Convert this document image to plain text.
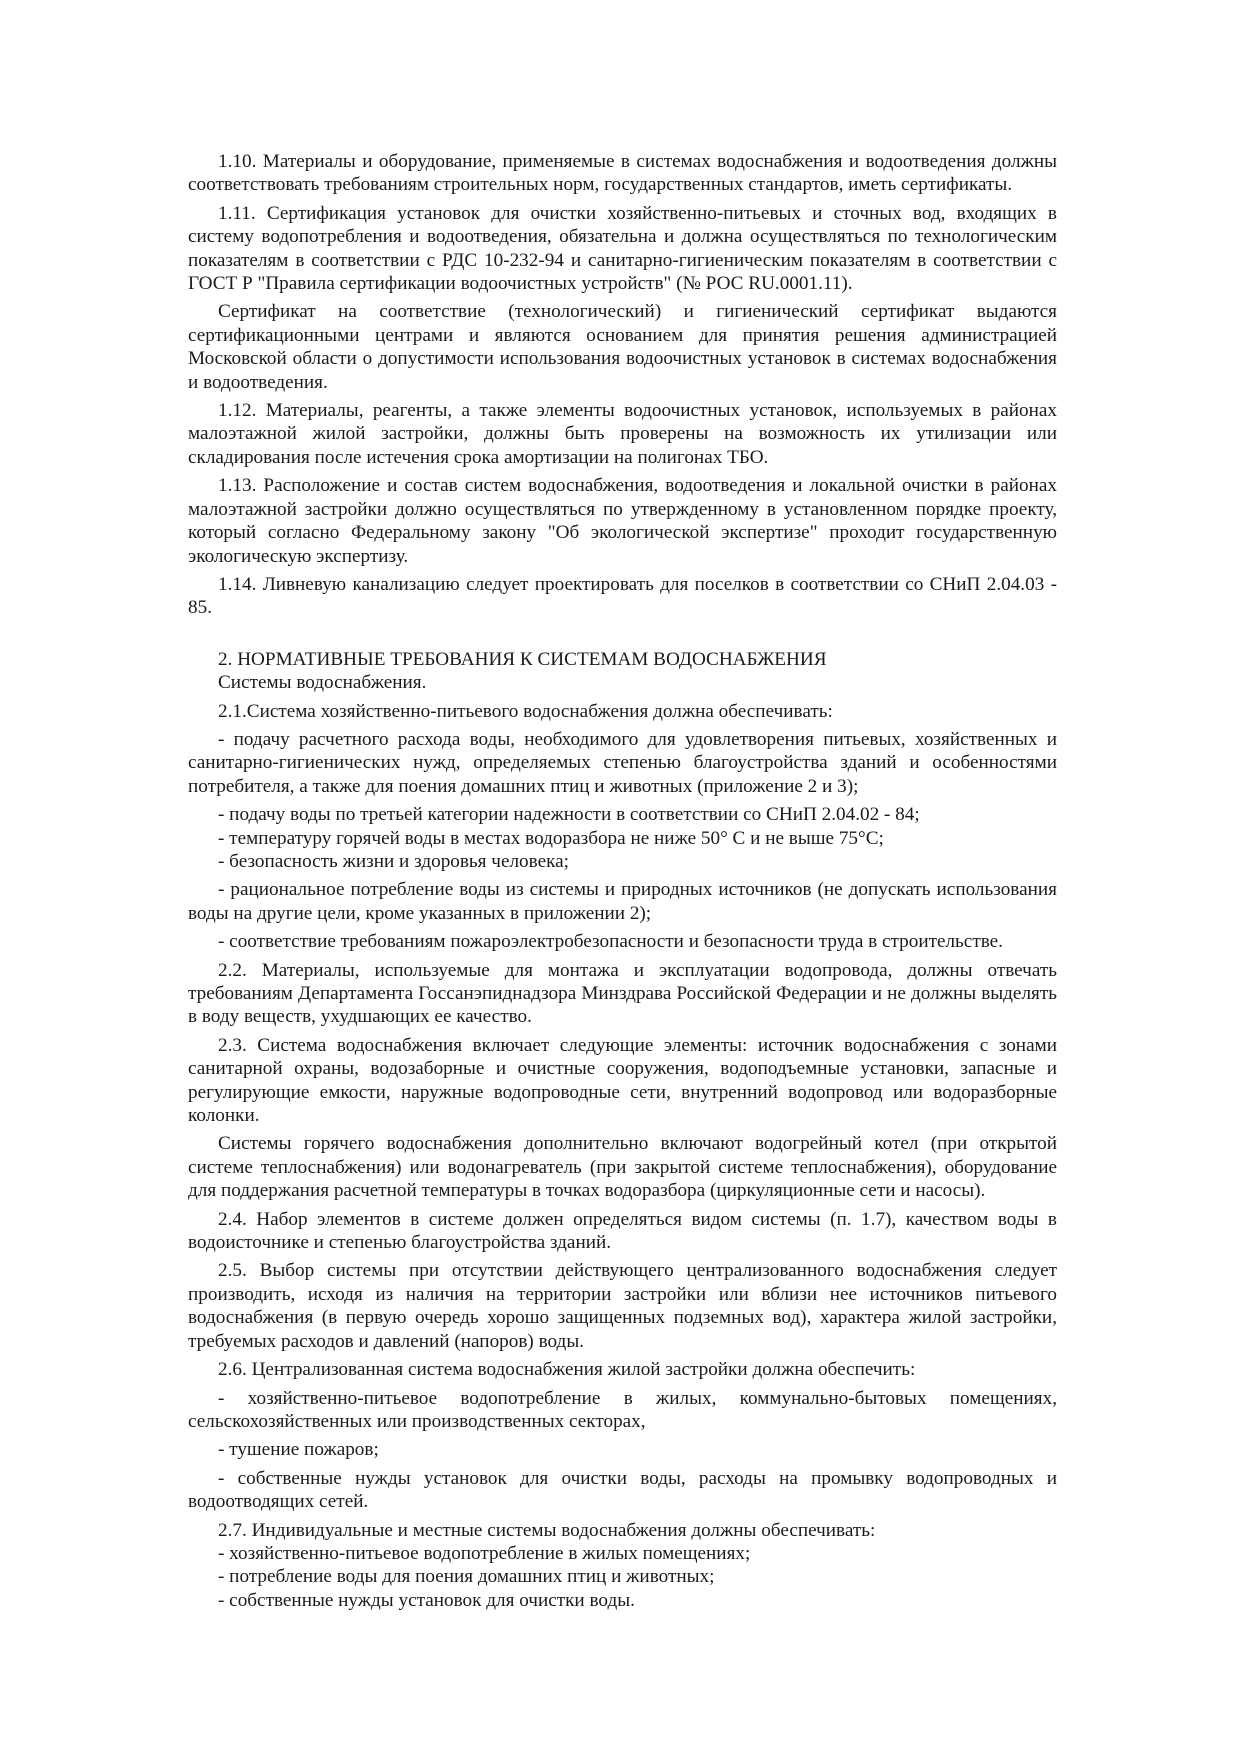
1.10. Материалы и оборудование, применяемые в системах водоснабжения и водоотведения должны соответствовать требованиям строительных норм, государственных стандартов, иметь сертификаты.

1.11. Сертификация установок для очистки хозяйственно-питьевых и сточных вод, входящих в систему водопотребления и водоотведения, обязательна и должна осуществляться по технологическим показателям в соответствии с РДС 10-232-94 и санитарно-гигиеническим показателям в соответствии с ГОСТ Р "Правила сертификации водоочистных устройств" (№ РОС RU.0001.11).

Сертификат на соответствие (технологический) и гигиенический сертификат выдаются сертификационными центрами и являются основанием для принятия решения администрацией Московской области о допустимости использования водоочистных установок в системах водоснабжения и водоотведения.

1.12. Материалы, реагенты, а также элементы водоочистных установок, используемых в районах малоэтажной жилой застройки, должны быть проверены на возможность их утилизации или складирования после истечения срока амортизации на полигонах ТБО.

1.13. Расположение и состав систем водоснабжения, водоотведения и локальной очистки в районах малоэтажной застройки должно осуществляться по утвержденному в установленном порядке проекту, который согласно Федеральному закону "Об экологической экспертизе" проходит государственную экологическую экспертизу.

1.14. Ливневую канализацию следует проектировать для поселков в соответствии со СНиП 2.04.03 - 85.

2. НОРМАТИВНЫЕ ТРЕБОВАНИЯ К СИСТЕМАМ ВОДОСНАБЖЕНИЯ

Системы водоснабжения.

2.1.Система хозяйственно-питьевого водоснабжения должна обеспечивать:

- подачу расчетного расхода воды, необходимого для удовлетворения питьевых, хозяйственных и санитарно-гигиенических нужд, определяемых степенью благоустройства зданий и особенностями потребителя, а также для поения домашних птиц и животных (приложение 2 и 3);

- подачу воды по третьей категории надежности в соответствии со СНиП 2.04.02 - 84;

- температуру горячей воды в местах водоразбора не ниже 50° С и не выше 75°С;

- безопасность жизни и здоровья человека;

- рациональное потребление воды из системы и природных источников (не допускать использования воды на другие цели, кроме указанных в приложении 2);

- соответствие требованиям пожароэлектробезопасности и безопасности труда в строительстве.

2.2. Материалы, используемые для монтажа и эксплуатации водопровода, должны отвечать требованиям Департамента Госсанэпиднадзора Минздрава Российской Федерации и не должны выделять в воду веществ, ухудшающих ее качество.

2.3. Система водоснабжения включает следующие элементы: источник водоснабжения с зонами санитарной охраны, водозаборные и очистные сооружения, водоподъемные установки, запасные и регулирующие емкости, наружные водопроводные сети, внутренний водопровод или водоразборные колонки.

Системы горячего водоснабжения дополнительно включают водогрейный котел (при открытой системе теплоснабжения) или водонагреватель (при закрытой системе теплоснабжения), оборудование для поддержания расчетной температуры в точках водоразбора (циркуляционные сети и насосы).

2.4. Набор элементов в системе должен определяться видом системы (п. 1.7), качеством воды в водоисточнике и степенью благоустройства зданий.

2.5. Выбор системы при отсутствии действующего централизованного водоснабжения следует производить, исходя из наличия на территории застройки или вблизи нее источников питьевого водоснабжения (в первую очередь хорошо защищенных подземных вод), характера жилой застройки, требуемых расходов и давлений (напоров) воды.

2.6. Централизованная система водоснабжения жилой застройки должна обеспечить:

- хозяйственно-питьевое водопотребление в жилых, коммунально-бытовых помещениях, сельскохозяйственных или производственных секторах,

- тушение пожаров;

- собственные нужды установок для очистки воды, расходы на промывку водопроводных и водоотводящих сетей.

2.7. Индивидуальные и местные системы водоснабжения должны обеспечивать:

- хозяйственно-питьевое водопотребление в жилых помещениях;

- потребление воды для поения домашних птиц и животных;

- собственные нужды установок для очистки воды.
